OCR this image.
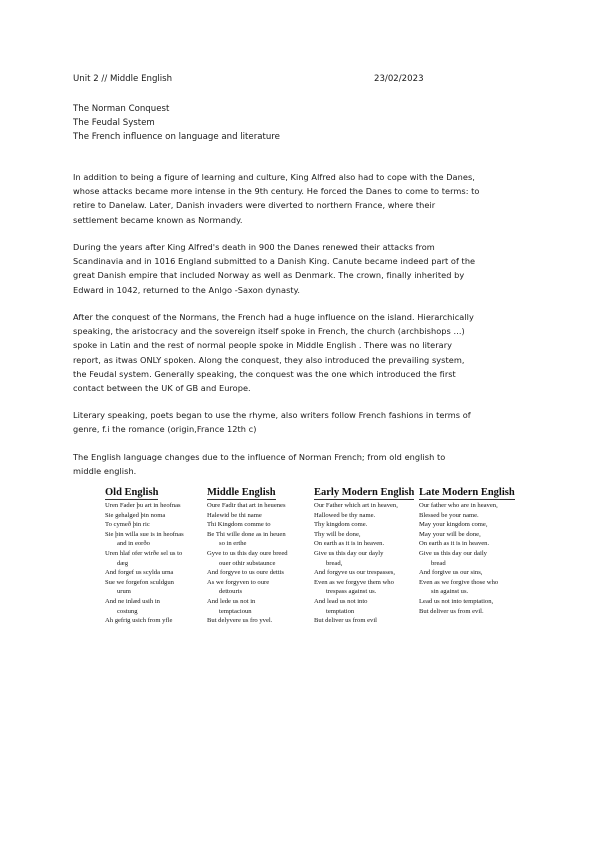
Unit 2 // Middle English	23/02/2023
The Norman Conquest
The Feudal System
The French influence on language and literature
In addition to being a figure of learning and culture, King Alfred also had to cope with the Danes,
whose attacks became more intense in the 9th century. He forced the Danes to come to terms: to
retire to Danelaw. Later, Danish invaders were diverted to northern France, where their
settlement became known as Normandy.
During the years after King Alfred's death in 900 the Danes renewed their attacks from
Scandinavia and in 1016 England submitted to a Danish King. Canute became indeed part of the
great Danish empire that included Norway as well as Denmark. The crown, finally inherited by
Edward in 1042, returned to the Anlgo -Saxon dynasty.
After the conquest of the Normans, the French had a huge influence on the island. Hierarchically
speaking, the aristocracy and the sovereign itself spoke in French, the church (archbishops ...)
spoke in Latin and the rest of normal people spoke in Middle English . There was no literary
report, as itwas ONLY spoken. Along the conquest, they also introduced the prevailing system,
the Feudal system. Generally speaking, the conquest was the one which introduced the first
contact between the UK of GB and Europe.
Literary speaking, poets began to use the rhyme, also writers follow French fashions in terms of
genre, f.i the romance (origin,France 12th c)
The English language changes due to the influence of Norman French; from old english to
middle english.
Old English
Uren Fader þu art in heofnas
Sie gehalged þin noma
To cymeð þin ric
Sie þin willa sue is in heofnas
and in eorðo
Uren hlaf ofer wirðe sel us to
dæg
And forgef us scylda urna
Sue we forgefon sculdgun
urum
And ne inlæd usih in
costung
Ah gefrig usich from yfle
Middle English
Oure Fadir that art in heuenes
Halewid be thi name
Thi Kingdom comme to
Be Thi wille done as in heuen
so in erthe
Gyve to us this day oure breed
ouer othir substaunce
And forgyve to us oure dettis
As we forgyven to oure
dettouris
And lede us not in
temptacioun
But delyvere us fro yvel.
Early Modern English
Our Father which art in heaven,
Hallowed be thy name.
Thy kingdom come.
Thy will be done,
On earth as it is in heaven.
Give us this day our dayly
bread,
And forgyve us our trespasses,
Even as we forgyve them who
trespass against us.
And lead us not into
temptation
But deliver us from evil
Late Modern English
Our father who are in heaven,
Blessed be your name.
May your kingdom come,
May your will be done,
On earth as it is in heaven.
Give us this day our daily
bread
And forgive us our sins,
Even as we forgive those who
sin against us.
Lead us not into temptation,
But deliver us from evil.
